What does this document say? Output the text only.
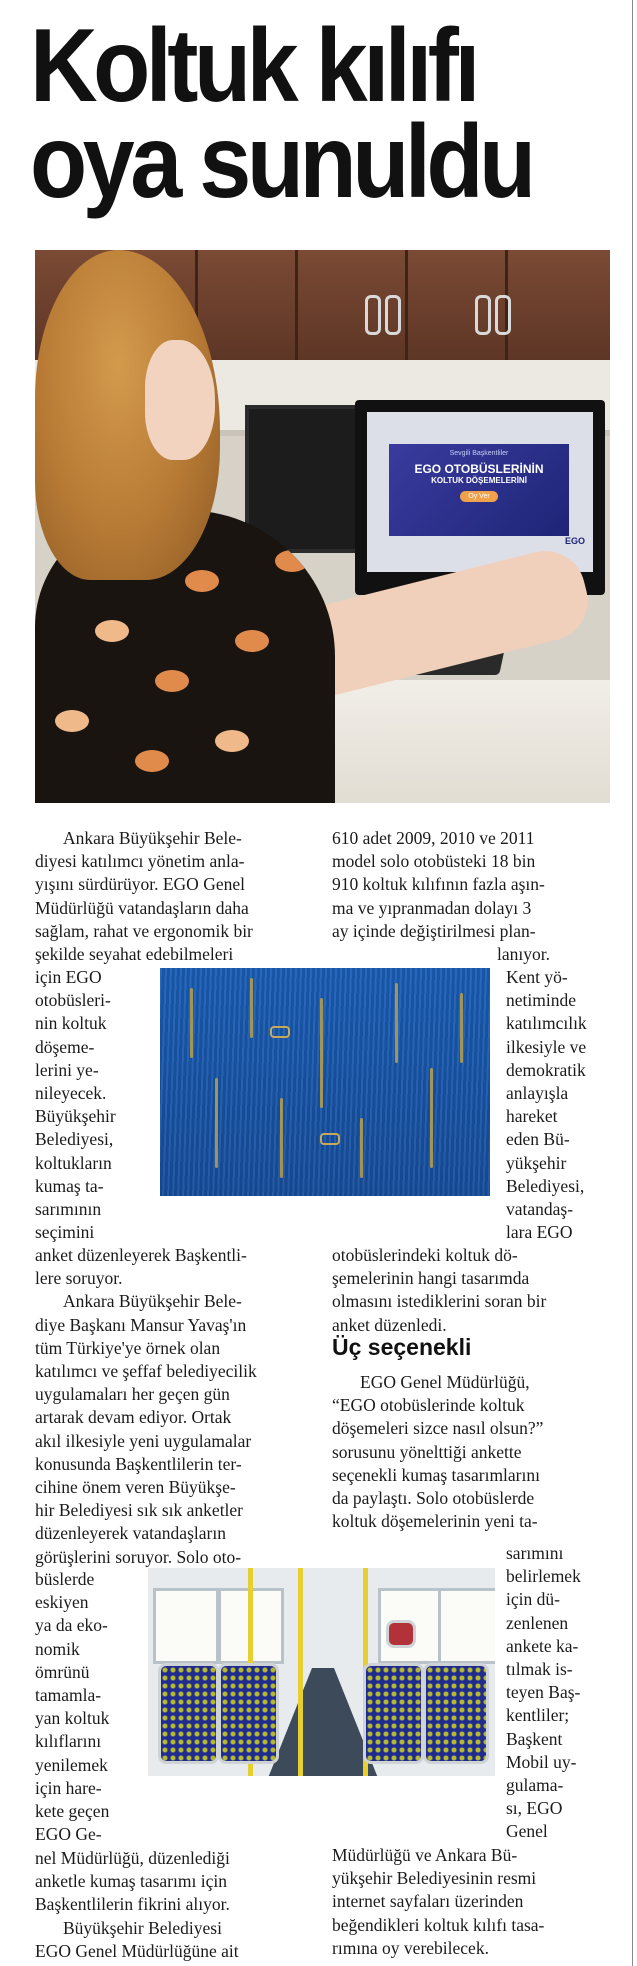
Koltuk kılıfı
oya sunuldu
Sevgili Başkentliler
EGO OTOBÜSLERİNİN
KOLTUK DÖŞEMELERİNİ
Oy Ver
EGO
Ankara Büyükşehir Bele-
diyesi katılımcı yönetim anla-
yışını sürdürüyor. EGO Genel
Müdürlüğü vatandaşların daha
sağlam, rahat ve ergonomik bir
şekilde seyahat edebilmeleri
için EGO
otobüsleri-
nin koltuk
döşeme-
lerini ye-
nileyecek.
Büyükşehir
Belediyesi,
koltukların
kumaş ta-
sarımının
seçimini
anket düzenleyerek Başkentli-
lere soruyor.
Ankara Büyükşehir Bele-
diye Başkanı Mansur Yavaş'ın
tüm Türkiye'ye örnek olan
katılımcı ve şeffaf belediyecilik
uygulamaları her geçen gün
artarak devam ediyor. Ortak
akıl ilkesiyle yeni uygulamalar
konusunda Başkentlilerin ter-
cihine önem veren Büyükşe-
hir Belediyesi sık sık anketler
düzenleyerek vatandaşların
görüşlerini soruyor. Solo oto-
büslerde
eskiyen
ya da eko-
nomik
ömrünü
tamamla-
yan koltuk
kılıflarını
yenilemek
için hare-
kete geçen
EGO Ge-
nel Müdürlüğü, düzenlediği
anketle kumaş tasarımı için
Başkentlilerin fikrini alıyor.
Büyükşehir Belediyesi
EGO Genel Müdürlüğüne ait
610 adet 2009, 2010 ve 2011
model solo otobüsteki 18 bin
910 koltuk kılıfının fazla aşın-
ma ve yıpranmadan dolayı 3
ay içinde değiştirilmesi plan-
lanıyor.
Kent yö-
netiminde
katılımcılık
ilkesiyle ve
demokratik
anlayışla
hareket
eden Bü-
yükşehir
Belediyesi,
vatandaş-
lara EGO
otobüslerindeki koltuk dö-
şemelerinin hangi tasarımda
olmasını istediklerini soran bir
anket düzenledi.
Üç seçenekli
EGO Genel Müdürlüğü,
“EGO otobüslerinde koltuk
döşemeleri sizce nasıl olsun?”
sorusunu yönelttiği ankette
seçenekli kumaş tasarımlarını
da paylaştı. Solo otobüslerde
koltuk döşemelerinin yeni ta-
sarımını
belirlemek
için dü-
zenlenen
ankete ka-
tılmak is-
teyen Baş-
kentliler;
Başkent
Mobil uy-
gulama-
sı, EGO
Genel
Müdürlüğü ve Ankara Bü-
yükşehir Belediyesinin resmi
internet sayfaları üzerinden
beğendikleri koltuk kılıfı tasa-
rımına oy verebilecek.
